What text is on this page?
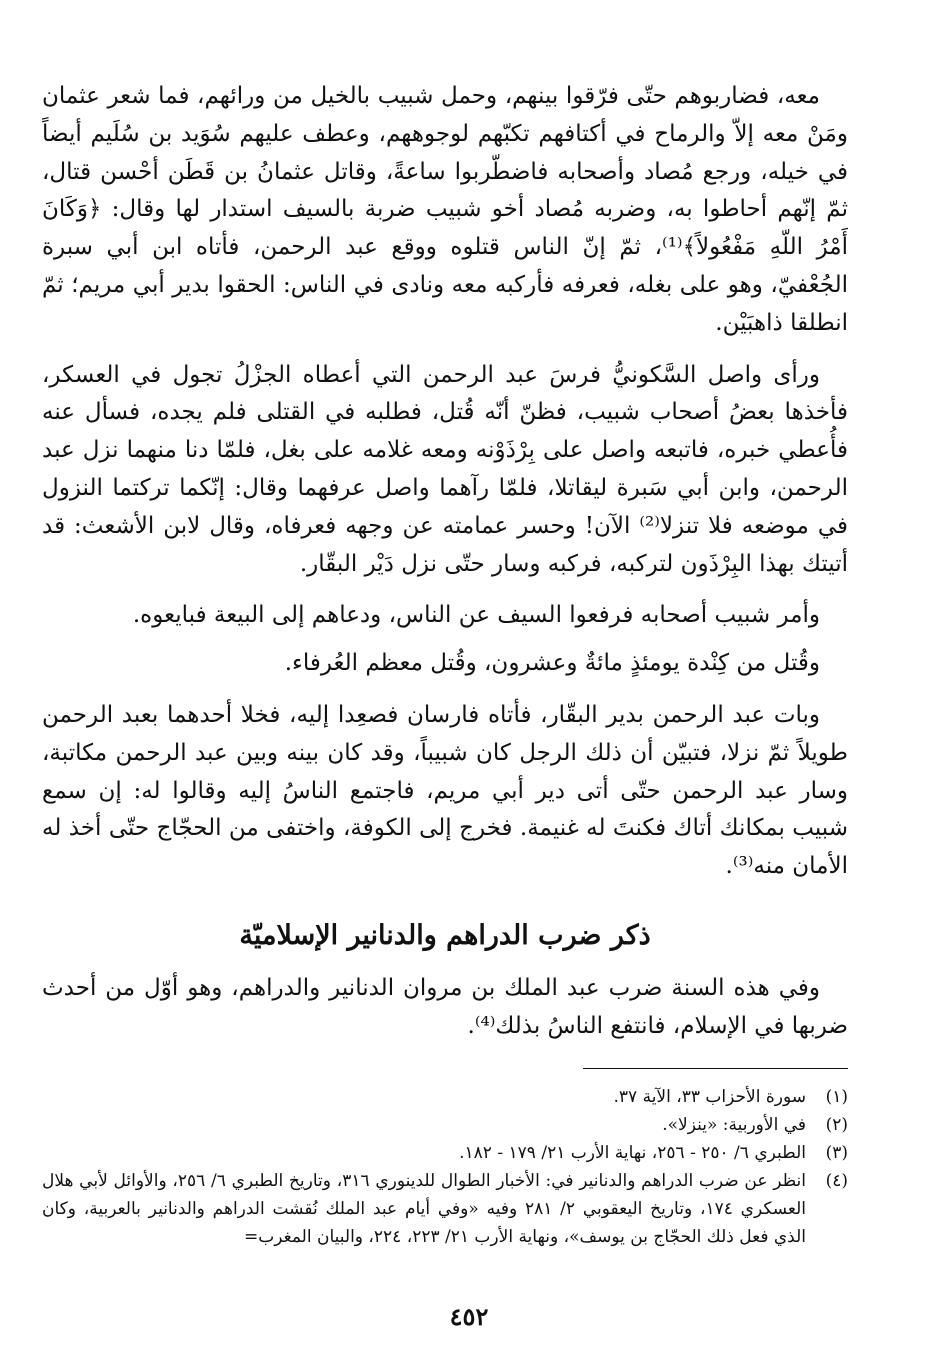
معه، فضاربوهم حتّى فرّقوا بينهم، وحمل شبيب بالخيل من ورائهم، فما شعر عثمان ومَنْ معه إلاّ والرماح في أكتافهم تكبّهم لوجوههم، وعطف عليهم سُوَيد بن سُلَيم أيضاً في خيله، ورجع مُصاد وأصحابه فاضطّربوا ساعةً، وقاتل عثمانُ بن قَطَن أحْسن قتال، ثمّ إنّهم أحاطوا به، وضربه مُصاد أخو شبيب ضربة بالسيف استدار لها وقال: ﴿وَكَانَ أَمْرُ اللّهِ مَفْعُولاً﴾⁽¹⁾، ثمّ إنّ الناس قتلوه ووقع عبد الرحمن، فأتاه ابن أبي سبرة الجُعْفيّ، وهو على بغله، فعرفه فأركبه معه ونادى في الناس: الحقوا بدير أبي مريم؛ ثمّ انطلقا ذاهبَيْن.

ورأى واصل السَّكونيُّ فرسَ عبد الرحمن التي أعطاه الجزْلُ تجول في العسكر، فأخذها بعضُ أصحاب شبيب، فظنّ أنّه قُتل، فطلبه في القتلى فلم يجده، فسأل عنه فأُعطي خبره، فاتبعه واصل على بِرْذَوْنه ومعه غلامه على بغل، فلمّا دنا منهما نزل عبد الرحمن، وابن أبي سَبرة ليقاتلا، فلمّا رآهما واصل عرفهما وقال: إنّكما تركتما النزول في موضعه فلا تنزلا⁽²⁾ الآن! وحسر عمامته عن وجهه فعرفاه، وقال لابن الأشعث: قد أتيتك بهذا البِرْذَون لتركبه، فركبه وسار حتّى نزل دَيْر البقّار.

وأمر شبيب أصحابه فرفعوا السيف عن الناس، ودعاهم إلى البيعة فبايعوه.

وقُتل من كِنْدة يومئذٍ مائةٌ وعشرون، وقُتل معظم العُرفاء.

وبات عبد الرحمن بدير البقّار، فأتاه فارسان فصعِدا إليه، فخلا أحدهما بعبد الرحمن طويلاً ثمّ نزلا، فتبيّن أن ذلك الرجل كان شبيباً، وقد كان بينه وبين عبد الرحمن مكاتبة، وسار عبد الرحمن حتّى أتى دير أبي مريم، فاجتمع الناسُ إليه وقالوا له: إن سمع شبيب بمكانك أتاك فكنتَ له غنيمة. فخرج إلى الكوفة، واختفى من الحجّاج حتّى أخذ له الأمان منه⁽³⁾.

ذكر ضرب الدراهم والدنانير الإسلاميّة

وفي هذه السنة ضرب عبد الملك بن مروان الدنانير والدراهم، وهو أوّل من أحدث ضربها في الإسلام، فانتفع الناسُ بذلك⁽⁴⁾.

(١)
سورة الأحزاب ٣٣، الآية ٣٧.
(٢)
في الأوربية: «ينزلا».
(٣)
الطبري ٦/ ٢٥٠ - ٢٥٦، نهاية الأرب ٢١/ ١٧٩ - ١٨٢.
(٤)
انظر عن ضرب الدراهم والدنانير في: الأخبار الطوال للدينوري ٣١٦، وتاريخ الطبري ٦/ ٢٥٦، والأوائل لأبي هلال العسكري ١٧٤، وتاريخ اليعقوبي ٢/ ٢٨١ وفيه «وفي أيام عبد الملك نُقشت الدراهم والدنانير بالعربية، وكان الذي فعل ذلك الحجّاج بن يوسف»، ونهاية الأرب ٢١/ ٢٢٣، ٢٢٤، والبيان المغرب=
٤٥٢
